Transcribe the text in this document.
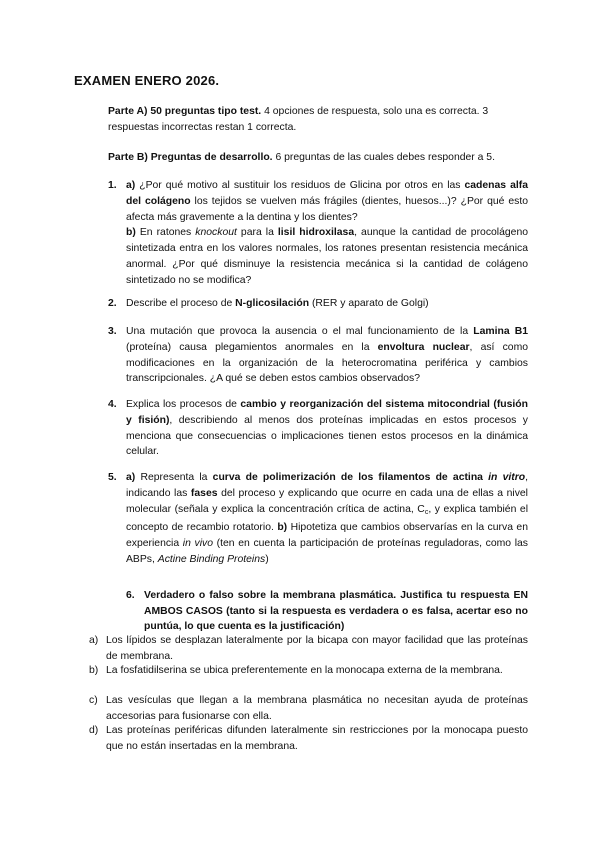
EXAMEN ENERO 2026.
Parte A) 50 preguntas tipo test. 4 opciones de respuesta, solo una es correcta. 3 respuestas incorrectas restan 1 correcta.
Parte B) Preguntas de desarrollo. 6 preguntas de las cuales debes responder a 5.
1. a) ¿Por qué motivo al sustituir los residuos de Glicina por otros en las cadenas alfa del colágeno los tejidos se vuelven más frágiles (dientes, huesos...)? ¿Por qué esto afecta más gravemente a la dentina y los dientes?
b) En ratones knockout para la lisil hidroxilasa, aunque la cantidad de procolágeno sintetizada entra en los valores normales, los ratones presentan resistencia mecánica anormal. ¿Por qué disminuye la resistencia mecánica si la cantidad de colágeno sintetizado no se modifica?
2. Describe el proceso de N-glicosilación (RER y aparato de Golgi)
3. Una mutación que provoca la ausencia o el mal funcionamiento de la Lamina B1 (proteína) causa plegamientos anormales en la envoltura nuclear, así como modificaciones en la organización de la heterocromatina periférica y cambios transcripcionales. ¿A qué se deben estos cambios observados?
4. Explica los procesos de cambio y reorganización del sistema mitocondrial (fusión y fisión), describiendo al menos dos proteínas implicadas en estos procesos y menciona que consecuencias o implicaciones tienen estos procesos en la dinámica celular.
5. a) Representa la curva de polimerización de los filamentos de actina in vitro, indicando las fases del proceso y explicando que ocurre en cada una de ellas a nivel molecular (señala y explica la concentración crítica de actina, $C_c$, y explica también el concepto de recambio rotatorio. b) Hipotetiza que cambios observarías en la curva en experiencia in vivo (ten en cuenta la participación de proteínas reguladoras, como las ABPs, Actine Binding Proteins)
6. Verdadero o falso sobre la membrana plasmática. Justifica tu respuesta EN AMBOS CASOS (tanto si la respuesta es verdadera o es falsa, acertar eso no puntúa, lo que cuenta es la justificación)
a) Los lípidos se desplazan lateralmente por la bicapa con mayor facilidad que las proteínas de membrana.
b) La fosfatidilserina se ubica preferentemente en la monocapa externa de la membrana.
c) Las vesículas que llegan a la membrana plasmática no necesitan ayuda de proteínas accesorias para fusionarse con ella.
d) Las proteínas periféricas difunden lateralmente sin restricciones por la monocapa puesto que no están insertadas en la membrana.
